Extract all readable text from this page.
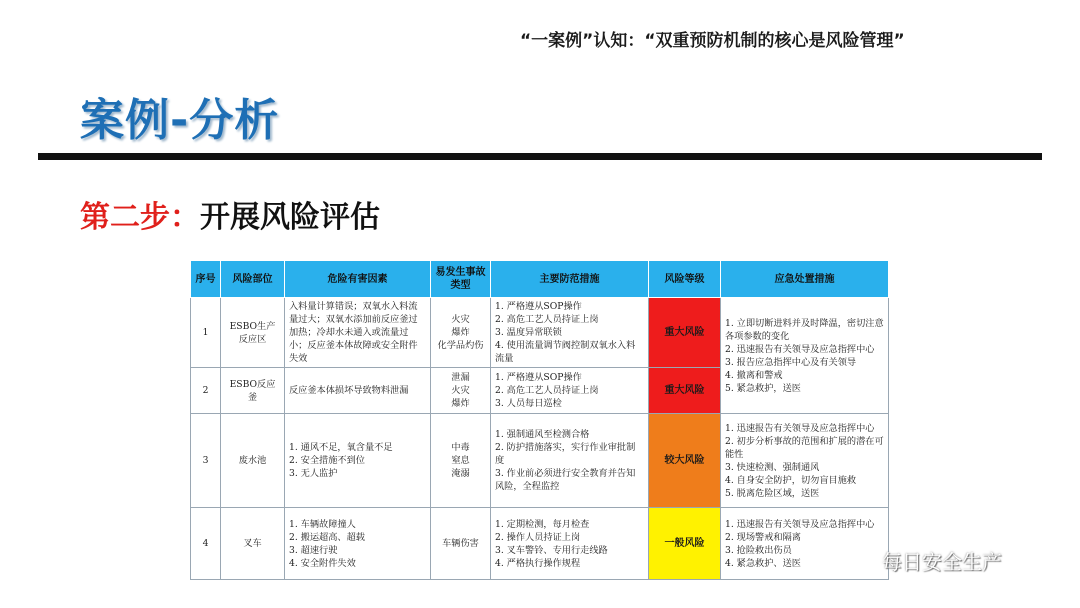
“一案例”认知：“双重预防机制的核心是风险管理”
案例-分析
第二步：开展风险评估
序号	风险部位	危险有害因素	易发生事故类型	主要防范措施	风险等级	应急处置措施
1	ESBO生产反应区	入料量计算错误；双氧水入料流量过大；双氧水添加前反应釜过加热；冷却水未通入或流量过小；反应釜本体故障或安全附件失效	火灾
爆炸
化学品灼伤	1. 严格遵从SOP操作
2. 高危工艺人员持证上岗
3. 温度异常联锁
4. 使用流量调节阀控制双氧水入料流量	重大风险	1. 立即切断进料并及时降温，密切注意各项参数的变化
2. 迅速报告有关领导及应急指挥中心
3. 报告应急指挥中心及有关领导
4. 撤离和警戒
5. 紧急救护，送医

2	ESBO反应釜	反应釜本体损坏导致物料泄漏	泄漏
火灾
爆炸	1. 严格遵从SOP操作
2. 高危工艺人员持证上岗
3. 人员每日巡检	重大风险	
3	废水池	1. 通风不足，氧含量不足
2. 安全措施不到位
3. 无人监护	中毒
窒息
淹溺	1. 强制通风至检测合格
2. 防护措施落实，实行作业审批制度
3. 作业前必须进行安全教育并告知风险，全程监控	较大风险	1. 迅速报告有关领导及应急指挥中心
2. 初步分析事故的范围和扩展的潜在可能性
3. 快速检测、强制通风
4. 自身安全防护，切勿盲目施救
5. 脱离危险区域，送医

4	叉车	1. 车辆故障撞人
2. 搬运超高、超载
3. 超速行驶
4. 安全附件失效	车辆伤害	1. 定期检测，每月检查
2. 操作人员持证上岗
3. 叉车警铃、专用行走线路
4. 严格执行操作规程	一般风险	1. 迅速报告有关领导及应急指挥中心
2. 现场警戒和隔离
3. 抢险救出伤员
4. 紧急救护、送医	每日安全生产
